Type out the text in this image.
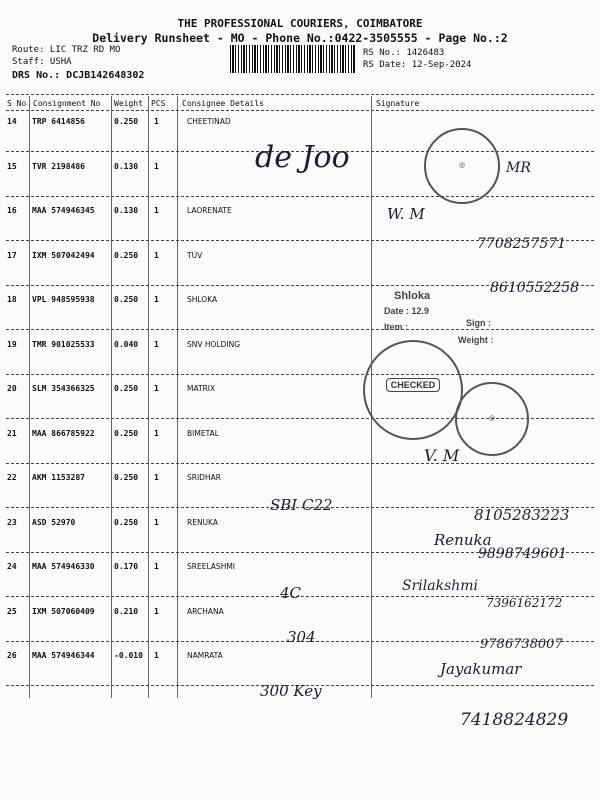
THE PROFESSIONAL COURIERS, COIMBATORE
Delivery Runsheet - MO - Phone No.:0422-3505555 - Page No.:2
Route: LIC TRZ RD MO
Staff: USHA
DRS No.: DCJB142648302
RS No.: 1426483
RS Date: 12-Sep-2024
S No Consignment No Weight PCS Consignee Details	Signature
14 TRP 6414856	0.250 1	CHEETINAD
15 TVR 2198486	0.130 1
16 MAA 574946345 0.130 1	LAORENATE
17 IXM 507042494 0.250 1	TUV
18 VPL 948595938 0.250 1	SHLOKA
19 TMR 901025533 0.040 1	SNV HOLDING
20 SLM 354366325 0.250 1	MATRIX
21 MAA 866785922 0.250 1	BIMETAL
22 AKM 1153287	0.250 1	SRIDHAR
23 ASD 52970	0.250 1	RENUKA
24 MAA 574946330 0.170 1	SREELASHMI
25 IXM 507060409 0.210 1	ARCHANA
26 MAA 574946344 -0.010 1	NAMRATA
◎
Shloka
Date : 12.9
Sign :
Item :
Weight :
CHECKED
◎
de Joo	MR
W. M
7708257571
8610552258
V. M
SBI C22
8105283223
Renuka
9898749601
Srilakshmi
4C
7396162172
304	9786738007
Jayakumar
300 Key
7418824829
